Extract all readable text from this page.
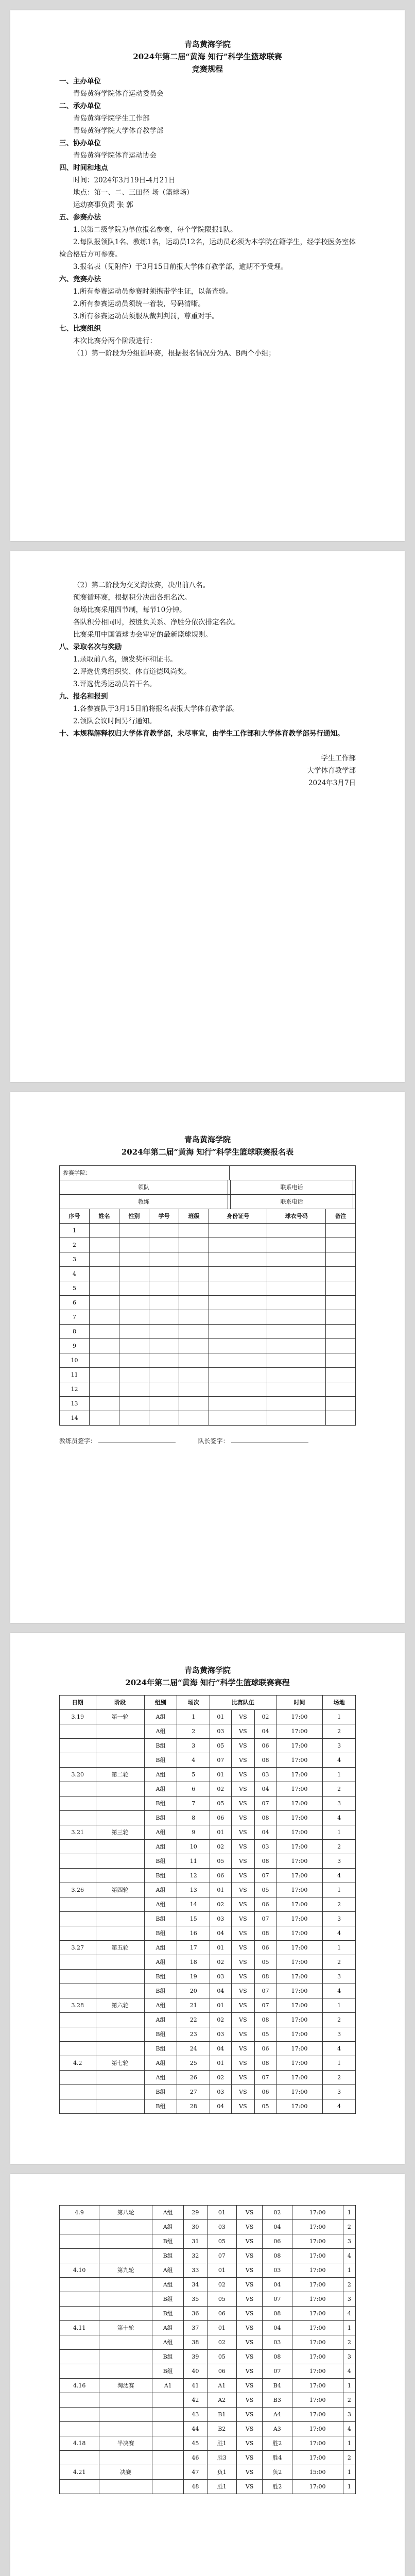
青岛黄海学院
2024年第二届“黄海 知行”科学生篮球联赛
竞赛规程
一、主办单位
青岛黄海学院体育运动委员会
二、承办单位
青岛黄海学院学生工作部
青岛黄海学院大学体育教学部
三、协办单位
青岛黄海学院体育运动协会
四、时间和地点
时间：2024年3月19日-4月21日
地点：第一、二、三田径 场（篮球场）
运动赛事负责 张 郭
五、参赛办法
1.以第二级学院为单位报名参赛，每个学院限报1队。
2.每队报领队1名、教练1名，运动员12名，运动员必须为本学院在籍学生，经学校医务室体检合格后方可参赛。
3.报名表（见附件）于3月15日前报大学体育教学部，逾期不予受理。
六、竞赛办法
1.所有参赛运动员参赛时须携带学生证，以备查验。
2.所有参赛运动员须统一着装，号码清晰。
3.所有参赛运动员须服从裁判判罚，尊重对手。
七、比赛组织
本次比赛分两个阶段进行：
（1）第一阶段为分组循环赛，根据报名情况分为A、B两个小组；
（2）第二阶段为交叉淘汰赛，决出前八名。
预赛循环赛，根据积分决出各组名次。
每场比赛采用四节制，每节10分钟。
各队积分相同时，按胜负关系、净胜分依次排定名次。
比赛采用中国篮球协会审定的最新篮球规则。
八、录取名次与奖励
1.录取前八名，颁发奖杯和证书。
2.评选优秀组织奖、体育道德风尚奖。
3.评选优秀运动员若干名。
九、报名和报到
1.各参赛队于3月15日前将报名表报大学体育教学部。
2.领队会议时间另行通知。
十、本规程解释权归大学体育教学部，未尽事宜，由学生工作部和大学体育教学部另行通知。
学生工作部
大学体育教学部
2024年3月7日
青岛黄海学院
2024年第二届“黄海 知行”科学生篮球联赛报名表
参赛学院：				
领队			联系电话	
教练			联系电话	
序号	姓名	性别	学号	班级	身份证号	球衣号码	备注
1							
2							
3							
4							
5							
6							
7							
8							
9							
10							
11							
12							
13							
14							
教练员签字：	队长签字：
青岛黄海学院
2024年第二届“黄海 知行”科学生篮球联赛赛程
日期	阶段	组别	场次	比赛队伍			时间	场地
3.19	第一轮	A组	1	01	VS	02	17:00	1
		A组	2	03	VS	04	17:00	2
		B组	3	05	VS	06	17:00	3
		B组	4	07	VS	08	17:00	4
3.20	第二轮	A组	5	01	VS	03	17:00	1
		A组	6	02	VS	04	17:00	2
		B组	7	05	VS	07	17:00	3
		B组	8	06	VS	08	17:00	4
3.21	第三轮	A组	9	01	VS	04	17:00	1
		A组	10	02	VS	03	17:00	2
		B组	11	05	VS	08	17:00	3
		B组	12	06	VS	07	17:00	4
3.26	第四轮	A组	13	01	VS	05	17:00	1
		A组	14	02	VS	06	17:00	2
		B组	15	03	VS	07	17:00	3
		B组	16	04	VS	08	17:00	4
3.27	第五轮	A组	17	01	VS	06	17:00	1
		A组	18	02	VS	05	17:00	2
		B组	19	03	VS	08	17:00	3
		B组	20	04	VS	07	17:00	4
3.28	第六轮	A组	21	01	VS	07	17:00	1
		A组	22	02	VS	08	17:00	2
		B组	23	03	VS	05	17:00	3
		B组	24	04	VS	06	17:00	4
4.2	第七轮	A组	25	01	VS	08	17:00	1
		A组	26	02	VS	07	17:00	2
		B组	27	03	VS	06	17:00	3
		B组	28	04	VS	05	17:00	4
4.9	第八轮	A组	29	01	VS	02	17:00	1
		A组	30	03	VS	04	17:00	2
		B组	31	05	VS	06	17:00	3
		B组	32	07	VS	08	17:00	4
4.10	第九轮	A组	33	01	VS	03	17:00	1
		A组	34	02	VS	04	17:00	2
		B组	35	05	VS	07	17:00	3
		B组	36	06	VS	08	17:00	4
4.11	第十轮	A组	37	01	VS	04	17:00	1
		A组	38	02	VS	03	17:00	2
		B组	39	05	VS	08	17:00	3
		B组	40	06	VS	07	17:00	4
4.16	淘汰赛	A1	41	A1	VS	B4	17:00	1
			42	A2	VS	B3	17:00	2
			43	B1	VS	A4	17:00	3
			44	B2	VS	A3	17:00	4
4.18	半决赛		45	胜1	VS	胜2	17:00	1
			46	胜3	VS	胜4	17:00	2
4.21	决赛		47	负1	VS	负2	15:00	1
			48	胜1	VS	胜2	17:00	1
